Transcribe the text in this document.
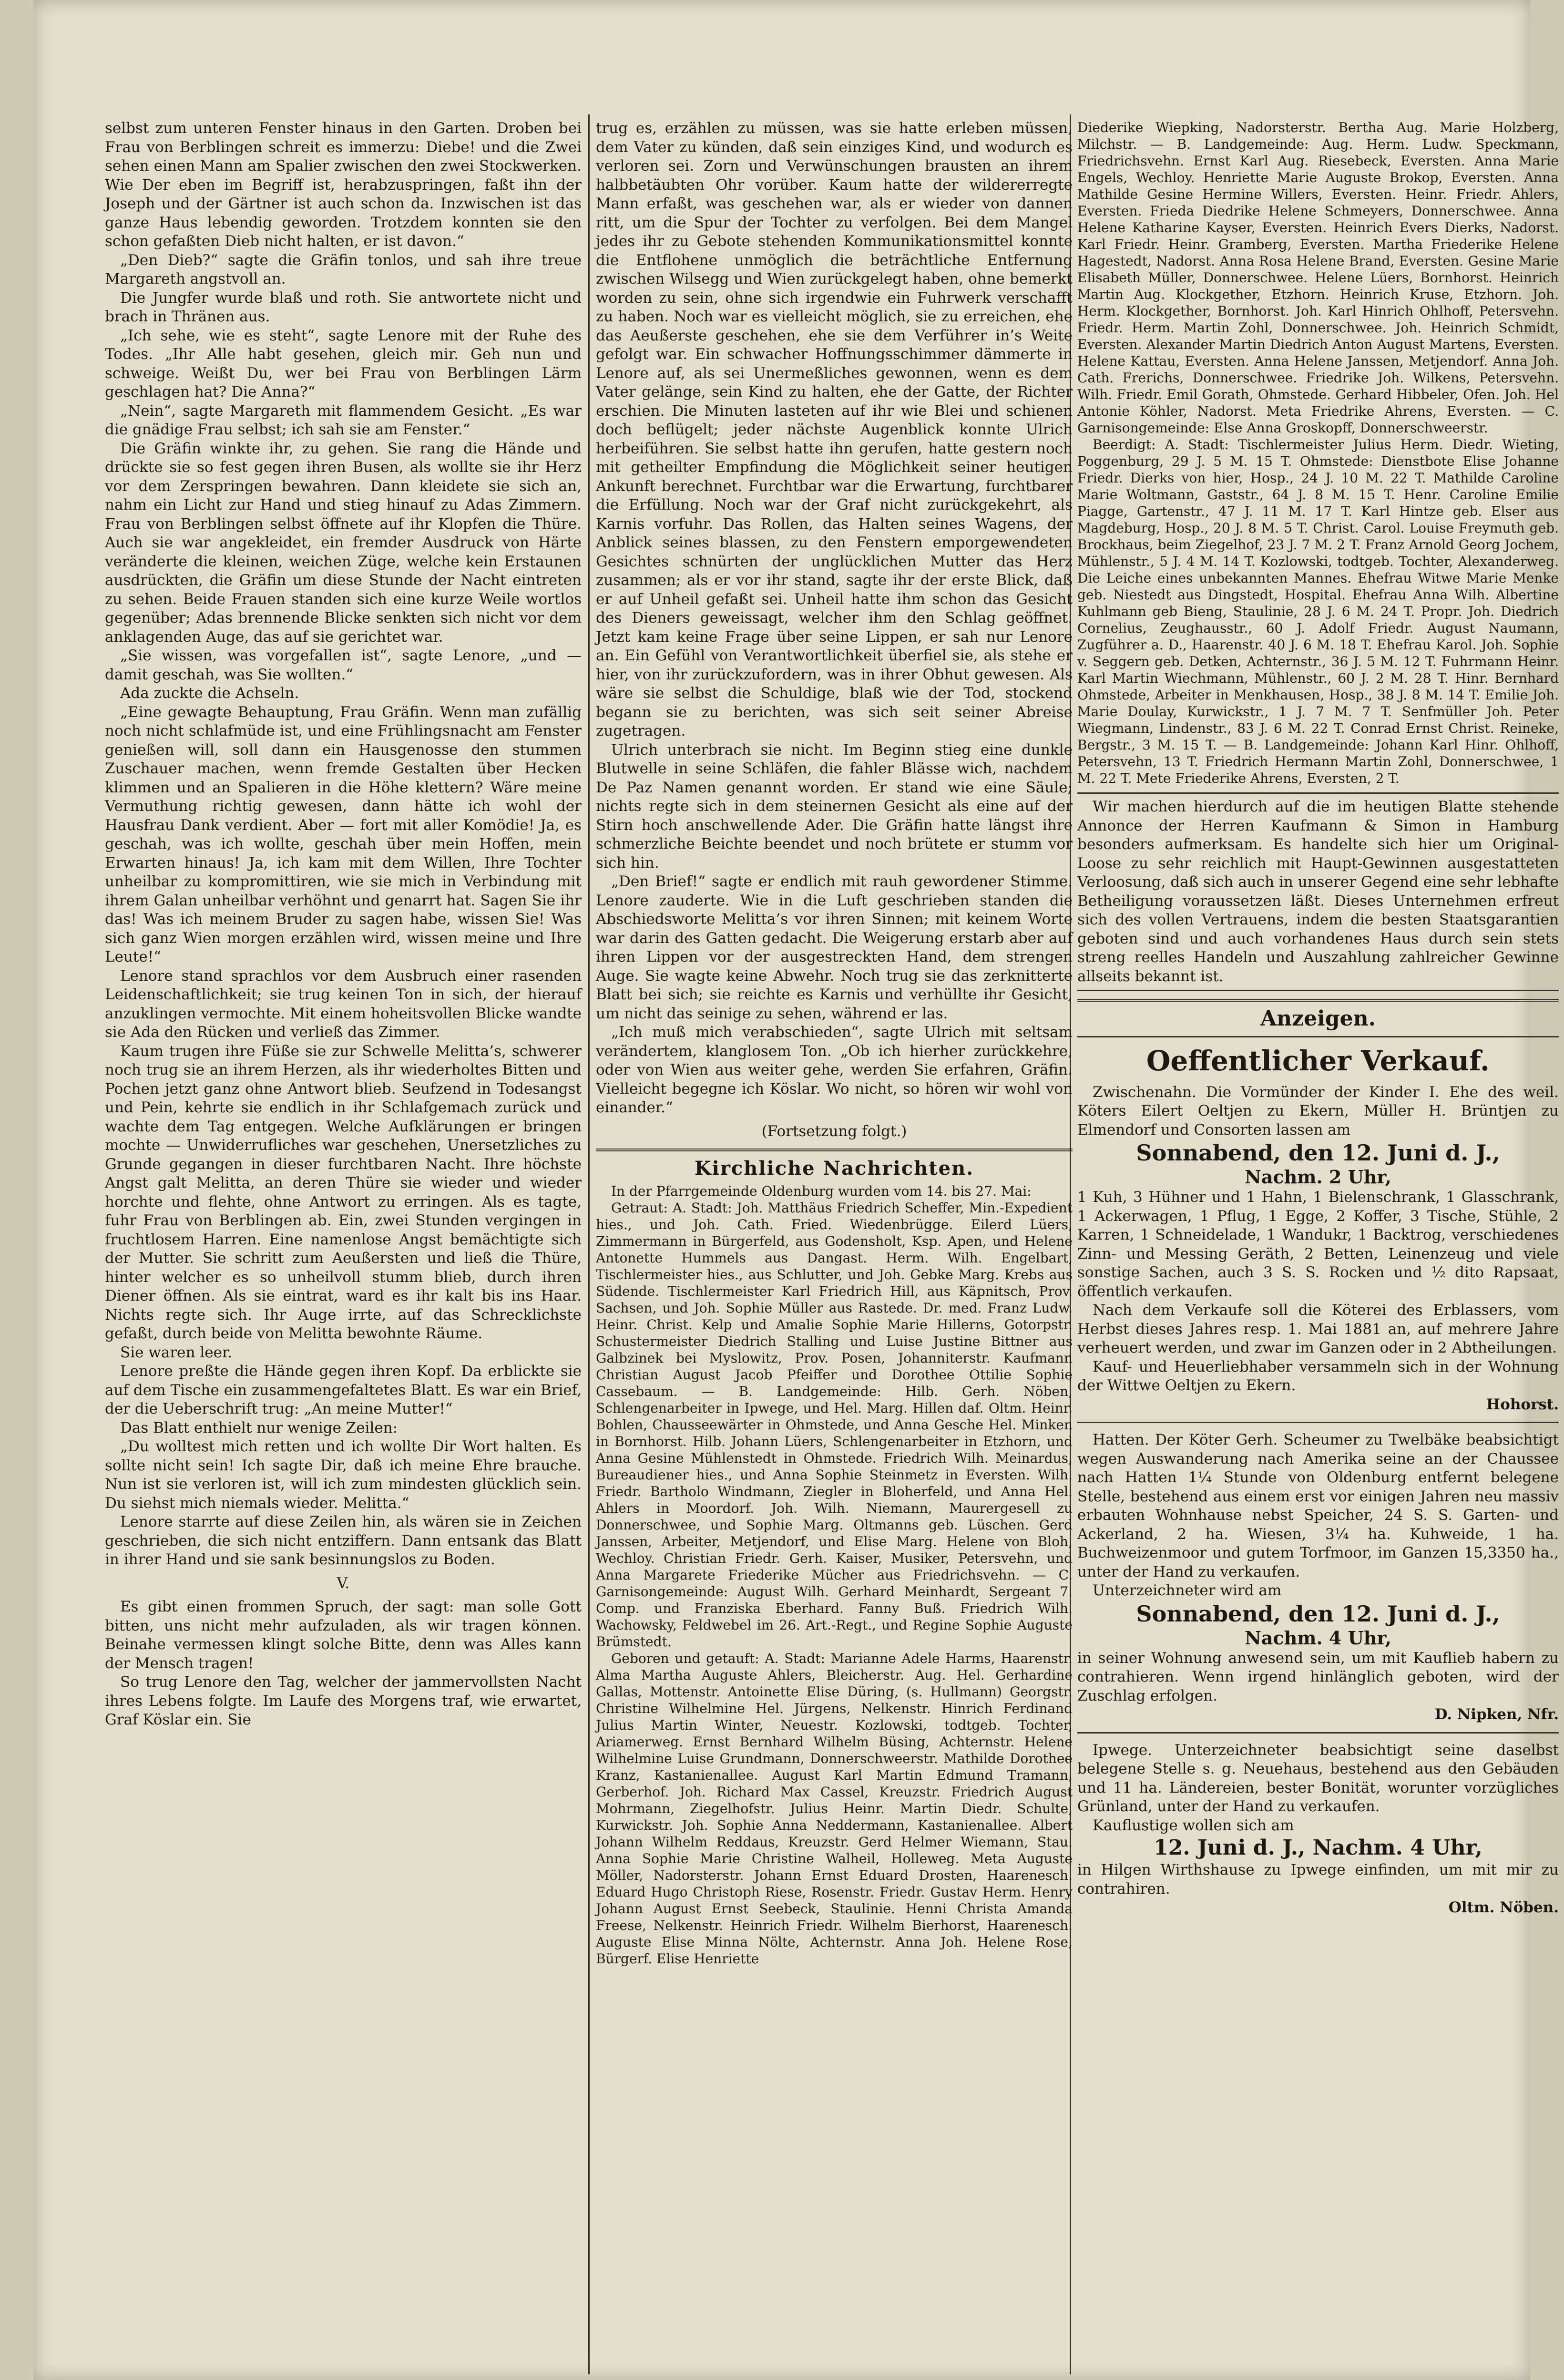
selbst zum unteren Fenster hinaus in den Garten. Droben bei Frau von Berblingen schreit es immerzu: Diebe! und die Zwei sehen einen Mann am Spalier zwischen den zwei Stockwerken. Wie Der eben im Begriff ist, herabzuspringen, faßt ihn der Joseph und der Gärtner ist auch schon da. Inzwischen ist das ganze Haus lebendig geworden. Trotzdem konnten sie den schon gefaßten Dieb nicht halten, er ist davon.“

„Den Dieb?“ sagte die Gräfin tonlos, und sah ihre treue Margareth angstvoll an.

Die Jungfer wurde blaß und roth. Sie antwortete nicht und brach in Thränen aus.

„Ich sehe, wie es steht“, sagte Lenore mit der Ruhe des Todes. „Ihr Alle habt gesehen, gleich mir. Geh nun und schweige. Weißt Du, wer bei Frau von Berblingen Lärm geschlagen hat? Die Anna?“

„Nein“, sagte Margareth mit flammendem Gesicht. „Es war die gnädige Frau selbst; ich sah sie am Fenster.“

Die Gräfin winkte ihr, zu gehen. Sie rang die Hände und drückte sie so fest gegen ihren Busen, als wollte sie ihr Herz vor dem Zerspringen bewahren. Dann kleidete sie sich an, nahm ein Licht zur Hand und stieg hinauf zu Adas Zimmern. Frau von Berblingen selbst öffnete auf ihr Klopfen die Thüre. Auch sie war angekleidet, ein fremder Ausdruck von Härte veränderte die kleinen, weichen Züge, welche kein Erstaunen ausdrückten, die Gräfin um diese Stunde der Nacht eintreten zu sehen. Beide Frauen standen sich eine kurze Weile wortlos gegenüber; Adas brennende Blicke senkten sich nicht vor dem anklagenden Auge, das auf sie gerichtet war.

„Sie wissen, was vorgefallen ist“, sagte Lenore, „und — damit geschah, was Sie wollten.“

Ada zuckte die Achseln.

„Eine gewagte Behauptung, Frau Gräfin. Wenn man zufällig noch nicht schlafmüde ist, und eine Frühlingsnacht am Fenster genießen will, soll dann ein Hausgenosse den stummen Zuschauer machen, wenn fremde Gestalten über Hecken klimmen und an Spalieren in die Höhe klettern? Wäre meine Vermuthung richtig gewesen, dann hätte ich wohl der Hausfrau Dank verdient. Aber — fort mit aller Komödie! Ja, es geschah, was ich wollte, geschah über mein Hoffen, mein Erwarten hinaus! Ja, ich kam mit dem Willen, Ihre Tochter unheilbar zu kompromittiren, wie sie mich in Verbindung mit ihrem Galan unheilbar verhöhnt und genarrt hat. Sagen Sie ihr das! Was ich meinem Bruder zu sagen habe, wissen Sie! Was sich ganz Wien morgen erzählen wird, wissen meine und Ihre Leute!“

Lenore stand sprachlos vor dem Ausbruch einer rasenden Leidenschaftlichkeit; sie trug keinen Ton in sich, der hierauf anzuklingen vermochte. Mit einem hoheitsvollen Blicke wandte sie Ada den Rücken und verließ das Zimmer.

Kaum trugen ihre Füße sie zur Schwelle Melitta’s, schwerer noch trug sie an ihrem Herzen, als ihr wiederholtes Bitten und Pochen jetzt ganz ohne Antwort blieb. Seufzend in Todesangst und Pein, kehrte sie endlich in ihr Schlafgemach zurück und wachte dem Tag entgegen. Welche Aufklärungen er bringen mochte — Unwiderrufliches war geschehen, Unersetzliches zu Grunde gegangen in dieser furchtbaren Nacht. Ihre höchste Angst galt Melitta, an deren Thüre sie wieder und wieder horchte und flehte, ohne Antwort zu erringen. Als es tagte, fuhr Frau von Berblingen ab. Ein, zwei Stunden vergingen in fruchtlosem Harren. Eine namenlose Angst bemächtigte sich der Mutter. Sie schritt zum Aeußersten und ließ die Thüre, hinter welcher es so unheilvoll stumm blieb, durch ihren Diener öffnen. Als sie eintrat, ward es ihr kalt bis ins Haar. Nichts regte sich. Ihr Auge irrte, auf das Schrecklichste gefaßt, durch beide von Melitta bewohnte Räume.

Sie waren leer.

Lenore preßte die Hände gegen ihren Kopf. Da erblickte sie auf dem Tische ein zusammengefaltetes Blatt. Es war ein Brief, der die Ueberschrift trug: „An meine Mutter!“

Das Blatt enthielt nur wenige Zeilen:

„Du wolltest mich retten und ich wollte Dir Wort halten. Es sollte nicht sein! Ich sagte Dir, daß ich meine Ehre brauche. Nun ist sie verloren ist, will ich zum mindesten glücklich sein. Du siehst mich niemals wieder. Melitta.“

Lenore starrte auf diese Zeilen hin, als wären sie in Zeichen geschrieben, die sich nicht entziffern. Dann entsank das Blatt in ihrer Hand und sie sank besinnungslos zu Boden.

V.

Es gibt einen frommen Spruch, der sagt: man solle Gott bitten, uns nicht mehr aufzuladen, als wir tragen können. Beinahe vermessen klingt solche Bitte, denn was Alles kann der Mensch tragen!

So trug Lenore den Tag, welcher der jammervollsten Nacht ihres Lebens folgte. Im Laufe des Morgens traf, wie erwartet, Graf Köslar ein. Sie

trug es, erzählen zu müssen, was sie hatte erleben müssen, dem Vater zu künden, daß sein einziges Kind, und wodurch es verloren sei. Zorn und Verwünschungen brausten an ihrem halbbetäubten Ohr vorüber. Kaum hatte der wildererregte Mann erfaßt, was geschehen war, als er wieder von dannen ritt, um die Spur der Tochter zu verfolgen. Bei dem Mangel jedes ihr zu Gebote stehenden Kommunikationsmittel konnte die Entflohene unmöglich die beträchtliche Entfernung zwischen Wilsegg und Wien zurückgelegt haben, ohne bemerkt worden zu sein, ohne sich irgendwie ein Fuhrwerk verschafft zu haben. Noch war es vielleicht möglich, sie zu erreichen, ehe das Aeußerste geschehen, ehe sie dem Verführer in’s Weite gefolgt war. Ein schwacher Hoffnungsschimmer dämmerte in Lenore auf, als sei Unermeßliches gewonnen, wenn es dem Vater gelänge, sein Kind zu halten, ehe der Gatte, der Richter erschien. Die Minuten lasteten auf ihr wie Blei und schienen doch beflügelt; jeder nächste Augenblick konnte Ulrich herbeiführen. Sie selbst hatte ihn gerufen, hatte gestern noch mit getheilter Empfindung die Möglichkeit seiner heutigen Ankunft berechnet. Furchtbar war die Erwartung, furchtbarer die Erfüllung. Noch war der Graf nicht zurückgekehrt, als Karnis vorfuhr. Das Rollen, das Halten seines Wagens, der Anblick seines blassen, zu den Fenstern emporgewendeten Gesichtes schnürten der unglücklichen Mutter das Herz zusammen; als er vor ihr stand, sagte ihr der erste Blick, daß er auf Unheil gefaßt sei. Unheil hatte ihm schon das Gesicht des Dieners geweissagt, welcher ihm den Schlag geöffnet. Jetzt kam keine Frage über seine Lippen, er sah nur Lenore an. Ein Gefühl von Verantwortlichkeit überfiel sie, als stehe er hier, von ihr zurückzufordern, was in ihrer Obhut gewesen. Als wäre sie selbst die Schuldige, blaß wie der Tod, stockend begann sie zu berichten, was sich seit seiner Abreise zugetragen.

Ulrich unterbrach sie nicht. Im Beginn stieg eine dunkle Blutwelle in seine Schläfen, die fahler Blässe wich, nachdem De Paz Namen genannt worden. Er stand wie eine Säule; nichts regte sich in dem steinernen Gesicht als eine auf der Stirn hoch anschwellende Ader. Die Gräfin hatte längst ihre schmerzliche Beichte beendet und noch brütete er stumm vor sich hin.

„Den Brief!“ sagte er endlich mit rauh gewordener Stimme. Lenore zauderte. Wie in die Luft geschrieben standen die Abschiedsworte Melitta’s vor ihren Sinnen; mit keinem Worte war darin des Gatten gedacht. Die Weigerung erstarb aber auf ihren Lippen vor der ausgestreckten Hand, dem strengen Auge. Sie wagte keine Abwehr. Noch trug sie das zerknitterte Blatt bei sich; sie reichte es Karnis und verhüllte ihr Gesicht, um nicht das seinige zu sehen, während er las.

„Ich muß mich verabschieden“, sagte Ulrich mit seltsam verändertem, klanglosem Ton. „Ob ich hierher zurückkehre, oder von Wien aus weiter gehe, werden Sie erfahren, Gräfin. Vielleicht begegne ich Köslar. Wo nicht, so hören wir wohl von einander.“

(Fortsetzung folgt.)
Kirchliche Nachrichten.

In der Pfarrgemeinde Oldenburg wurden vom 14. bis 27. Mai:

Getraut: A. Stadt: Joh. Matthäus Friedrich Scheffer, Min.-Expedient hies., und Joh. Cath. Fried. Wiedenbrügge. Eilerd Lüers, Zimmermann in Bürgerfeld, aus Godensholt, Ksp. Apen, und Helene Antonette Hummels aus Dangast. Herm. Wilh. Engelbart, Tischlermeister hies., aus Schlutter, und Joh. Gebke Marg. Krebs aus Südende. Tischlermeister Karl Friedrich Hill, aus Käpnitsch, Prov. Sachsen, und Joh. Sophie Müller aus Rastede. Dr. med. Franz Ludw. Heinr. Christ. Kelp und Amalie Sophie Marie Hillerns, Gotorpstr. Schustermeister Diedrich Stalling und Luise Justine Bittner aus Galbzinek bei Myslowitz, Prov. Posen, Johanniterstr. Kaufmann Christian August Jacob Pfeiffer und Dorothee Ottilie Sophie Cassebaum. — B. Landgemeinde: Hilb. Gerh. Nöben, Schlengenarbeiter in Ipwege, und Hel. Marg. Hillen daf. Oltm. Heinr. Bohlen, Chausseewärter in Ohmstede, und Anna Gesche Hel. Minken in Bornhorst. Hilb. Johann Lüers, Schlengenarbeiter in Etzhorn, und Anna Gesine Mühlenstedt in Ohmstede. Friedrich Wilh. Meinardus, Bureaudiener hies., und Anna Sophie Steinmetz in Eversten. Wilh. Friedr. Bartholo Windmann, Ziegler in Bloherfeld, und Anna Hel. Ahlers in Moordorf. Joh. Wilh. Niemann, Maurergesell zu Donnerschwee, und Sophie Marg. Oltmanns geb. Lüschen. Gerd Janssen, Arbeiter, Metjendorf, und Elise Marg. Helene von Bloh, Wechloy. Christian Friedr. Gerh. Kaiser, Musiker, Petersvehn, und Anna Margarete Friederike Mücher aus Friedrichsvehn. — C. Garnisongemeinde: August Wilh. Gerhard Meinhardt, Sergeant 7. Comp. und Franziska Eberhard. Fanny Buß. Friedrich Wilh. Wachowsky, Feldwebel im 26. Art.-Regt., und Regine Sophie Auguste Brümstedt.

Geboren und getauft: A. Stadt: Marianne Adele Harms, Haarenstr. Alma Martha Auguste Ahlers, Bleicherstr. Aug. Hel. Gerhardine Gallas, Mottenstr. Antoinette Elise Düring, (s. Hullmann) Georgstr. Christine Wilhelmine Hel. Jürgens, Nelkenstr. Hinrich Ferdinand Julius Martin Winter, Neuestr. Kozlowski, todtgeb. Tochter, Ariamerweg. Ernst Bernhard Wilhelm Büsing, Achternstr. Helene Wilhelmine Luise Grundmann, Donnerschweerstr. Mathilde Dorothee Kranz, Kastanienallee. August Karl Martin Edmund Tramann, Gerberhof. Joh. Richard Max Cassel, Kreuzstr. Friedrich August Mohrmann, Ziegelhofstr. Julius Heinr. Martin Diedr. Schulte, Kurwickstr. Joh. Sophie Anna Neddermann, Kastanienallee. Albert Johann Wilhelm Reddaus, Kreuzstr. Gerd Helmer Wiemann, Stau. Anna Sophie Marie Christine Walheil, Holleweg. Meta Auguste Möller, Nadorsterstr. Johann Ernst Eduard Drosten, Haarenesch. Eduard Hugo Christoph Riese, Rosenstr. Friedr. Gustav Herm. Henry Johann August Ernst Seebeck, Staulinie. Henni Christa Amanda Freese, Nelkenstr. Heinrich Friedr. Wilhelm Bierhorst, Haarenesch. Auguste Elise Minna Nölte, Achternstr. Anna Joh. Helene Rose, Bürgerf. Elise Henriette

Diederike Wiepking, Nadorsterstr. Bertha Aug. Marie Holzberg, Milchstr. — B. Landgemeinde: Aug. Herm. Ludw. Speckmann, Friedrichsvehn. Ernst Karl Aug. Riesebeck, Eversten. Anna Marie Engels, Wechloy. Henriette Marie Auguste Brokop, Eversten. Anna Mathilde Gesine Hermine Willers, Eversten. Heinr. Friedr. Ahlers, Eversten. Frieda Diedrike Helene Schmeyers, Donnerschwee. Anna Helene Katharine Kayser, Eversten. Heinrich Evers Dierks, Nadorst. Karl Friedr. Heinr. Gramberg, Eversten. Martha Friederike Helene Hagestedt, Nadorst. Anna Rosa Helene Brand, Eversten. Gesine Marie Elisabeth Müller, Donnerschwee. Helene Lüers, Bornhorst. Heinrich Martin Aug. Klockgether, Etzhorn. Heinrich Kruse, Etzhorn. Joh. Herm. Klockgether, Bornhorst. Joh. Karl Hinrich Ohlhoff, Petersvehn. Friedr. Herm. Martin Zohl, Donnerschwee. Joh. Heinrich Schmidt, Eversten. Alexander Martin Diedrich Anton August Martens, Eversten. Helene Kattau, Eversten. Anna Helene Janssen, Metjendorf. Anna Joh. Cath. Frerichs, Donnerschwee. Friedrike Joh. Wilkens, Petersvehn. Wilh. Friedr. Emil Gorath, Ohmstede. Gerhard Hibbeler, Ofen. Joh. Hel Antonie Köhler, Nadorst. Meta Friedrike Ahrens, Eversten. — C. Garnisongemeinde: Else Anna Groskopff, Donnerschweerstr.

Beerdigt: A. Stadt: Tischlermeister Julius Herm. Diedr. Wieting, Poggenburg, 29 J. 5 M. 15 T. Ohmstede: Dienstbote Elise Johanne Friedr. Dierks von hier, Hosp., 24 J. 10 M. 22 T. Mathilde Caroline Marie Woltmann, Gaststr., 64 J. 8 M. 15 T. Henr. Caroline Emilie Piagge, Gartenstr., 47 J. 11 M. 17 T. Karl Hintze geb. Elser aus Magdeburg, Hosp., 20 J. 8 M. 5 T. Christ. Carol. Louise Freymuth geb. Brockhaus, beim Ziegelhof, 23 J. 7 M. 2 T. Franz Arnold Georg Jochem, Mühlenstr., 5 J. 4 M. 14 T. Kozlowski, todtgeb. Tochter, Alexanderweg. Die Leiche eines unbekannten Mannes. Ehefrau Witwe Marie Menke geb. Niestedt aus Dingstedt, Hospital. Ehefrau Anna Wilh. Albertine Kuhlmann geb Bieng, Staulinie, 28 J. 6 M. 24 T. Propr. Joh. Diedrich Cornelius, Zeughausstr., 60 J. Adolf Friedr. August Naumann, Zugführer a. D., Haarenstr. 40 J. 6 M. 18 T. Ehefrau Karol. Joh. Sophie v. Seggern geb. Detken, Achternstr., 36 J. 5 M. 12 T. Fuhrmann Heinr. Karl Martin Wiechmann, Mühlenstr., 60 J. 2 M. 28 T. Hinr. Bernhard Ohmstede, Arbeiter in Menkhausen, Hosp., 38 J. 8 M. 14 T. Emilie Joh. Marie Doulay, Kurwickstr., 1 J. 7 M. 7 T. Senfmüller Joh. Peter Wiegmann, Lindenstr., 83 J. 6 M. 22 T. Conrad Ernst Christ. Reineke, Bergstr., 3 M. 15 T. — B. Landgemeinde: Johann Karl Hinr. Ohlhoff, Petersvehn, 13 T. Friedrich Hermann Martin Zohl, Donnerschwee, 1 M. 22 T. Mete Friederike Ahrens, Eversten, 2 T.

Wir machen hierdurch auf die im heutigen Blatte stehende Annonce der Herren Kaufmann & Simon in Hamburg besonders aufmerksam. Es handelte sich hier um Original-Loose zu sehr reichlich mit Haupt-Gewinnen ausgestatteten Verloosung, daß sich auch in unserer Gegend eine sehr lebhafte Betheiligung voraussetzen läßt. Dieses Unternehmen erfreut sich des vollen Vertrauens, indem die besten Staatsgarantien geboten sind und auch vorhandenes Haus durch sein stets streng reelles Handeln und Auszahlung zahlreicher Gewinne allseits bekannt ist.

Anzeigen.
Oeffentlicher Verkauf.

Zwischenahn. Die Vormünder der Kinder I. Ehe des weil. Köters Eilert Oeltjen zu Ekern, Müller H. Brüntjen zu Elmendorf und Consorten lassen am

Sonnabend, den 12. Juni d. J.,
Nachm. 2 Uhr,

1 Kuh, 3 Hühner und 1 Hahn, 1 Bielenschrank, 1 Glasschrank, 1 Ackerwagen, 1 Pflug, 1 Egge, 2 Koffer, 3 Tische, Stühle, 2 Karren, 1 Schneidelade, 1 Wandukr, 1 Backtrog, verschiedenes Zinn- und Messing Geräth, 2 Betten, Leinenzeug und viele sonstige Sachen, auch 3 S. S. Rocken und ½ dito Rapsaat, öffentlich verkaufen.

Nach dem Verkaufe soll die Köterei des Erblassers, vom Herbst dieses Jahres resp. 1. Mai 1881 an, auf mehrere Jahre verheuert werden, und zwar im Ganzen oder in 2 Abtheilungen.

Kauf- und Heuerliebhaber versammeln sich in der Wohnung der Wittwe Oeltjen zu Ekern.

Hohorst.

Hatten. Der Köter Gerh. Scheumer zu Twelbäke beabsichtigt wegen Auswanderung nach Amerika seine an der Chaussee nach Hatten 1¼ Stunde von Oldenburg entfernt belegene Stelle, bestehend aus einem erst vor einigen Jahren neu massiv erbauten Wohnhause nebst Speicher, 24 S. S. Garten- und Ackerland, 2 ha. Wiesen, 3¼ ha. Kuhweide, 1 ha. Buchweizenmoor und gutem Torfmoor, im Ganzen 15,3350 ha., unter der Hand zu verkaufen.

Unterzeichneter wird am

Sonnabend, den 12. Juni d. J.,
Nachm. 4 Uhr,

in seiner Wohnung anwesend sein, um mit Kauflieb habern zu contrahieren. Wenn irgend hinlänglich geboten, wird der Zuschlag erfolgen.

D. Nipken, Nfr.

Ipwege. Unterzeichneter beabsichtigt seine daselbst belegene Stelle s. g. Neuehaus, bestehend aus den Gebäuden und 11 ha. Ländereien, bester Bonität, worunter vorzügliches Grünland, unter der Hand zu verkaufen.

Kauflustige wollen sich am

12. Juni d. J., Nachm. 4 Uhr,

in Hilgen Wirthshause zu Ipwege einfinden, um mit mir zu contrahiren.

Oltm. Nöben.
